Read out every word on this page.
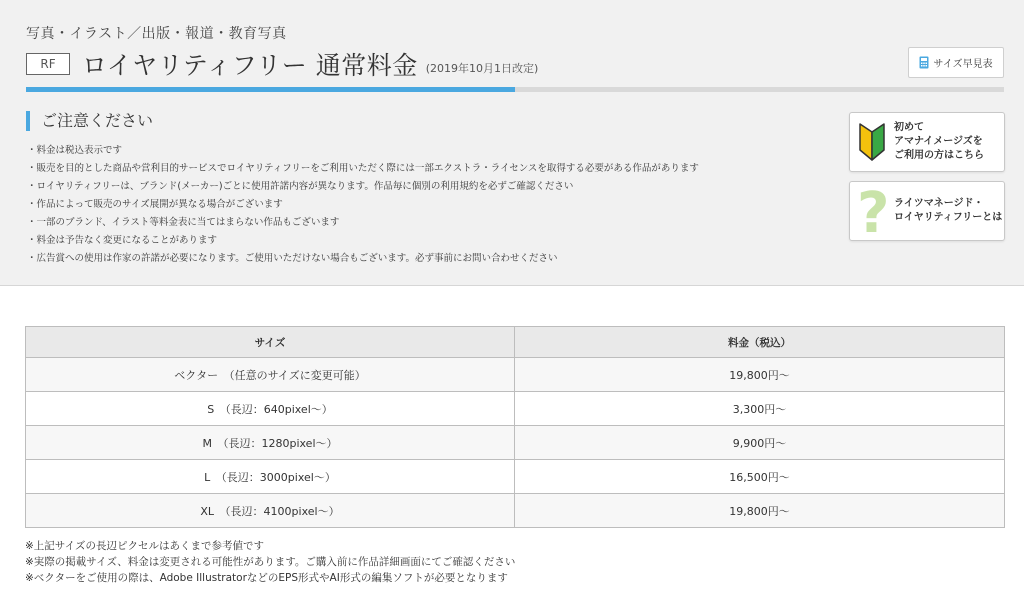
写真・イラスト／出版・報道・教育写真
RF	ロイヤリティフリー 通常料金 (2019年10月1日改定)	サイズ早見表
ご注意ください
・料金は税込表示です
・販売を目的とした商品や営利目的サービスでロイヤリティフリーをご利用いただく際には一部エクストラ・ライセンスを取得する必要がある作品があります
・ロイヤリティフリーは、ブランド(メーカー)ごとに使用許諾内容が異なります。作品毎に個別の利用規約を必ずご確認ください
・作品によって販売のサイズ展開が異なる場合がございます
・一部のブランド、イラスト等料金表に当てはまらない作品もございます
・料金は予告なく変更になることがあります
・広告賞への使用は作家の許諾が必要になります。ご使用いただけない場合もございます。必ず事前にお問い合わせください
初めて
アマナイメージズを
ご利用の方はこちら
? ライツマネージド・
ロイヤリティフリーとは
サイズ	料金（税込）
ベクター　（任意のサイズに変更可能）	19,800円〜
S　（長辺：640pixel〜）	3,300円〜
M　（長辺：1280pixel〜）	9,900円〜
L　（長辺：3000pixel〜）	16,500円〜
XL　（長辺：4100pixel〜）	19,800円〜
※上記サイズの長辺ピクセルはあくまで参考値です
※実際の掲載サイズ、料金は変更される可能性があります。ご購入前に作品詳細画面にてご確認ください
※ベクターをご使用の際は、Adobe IllustratorなどのEPS形式やAI形式の編集ソフトが必要となります
